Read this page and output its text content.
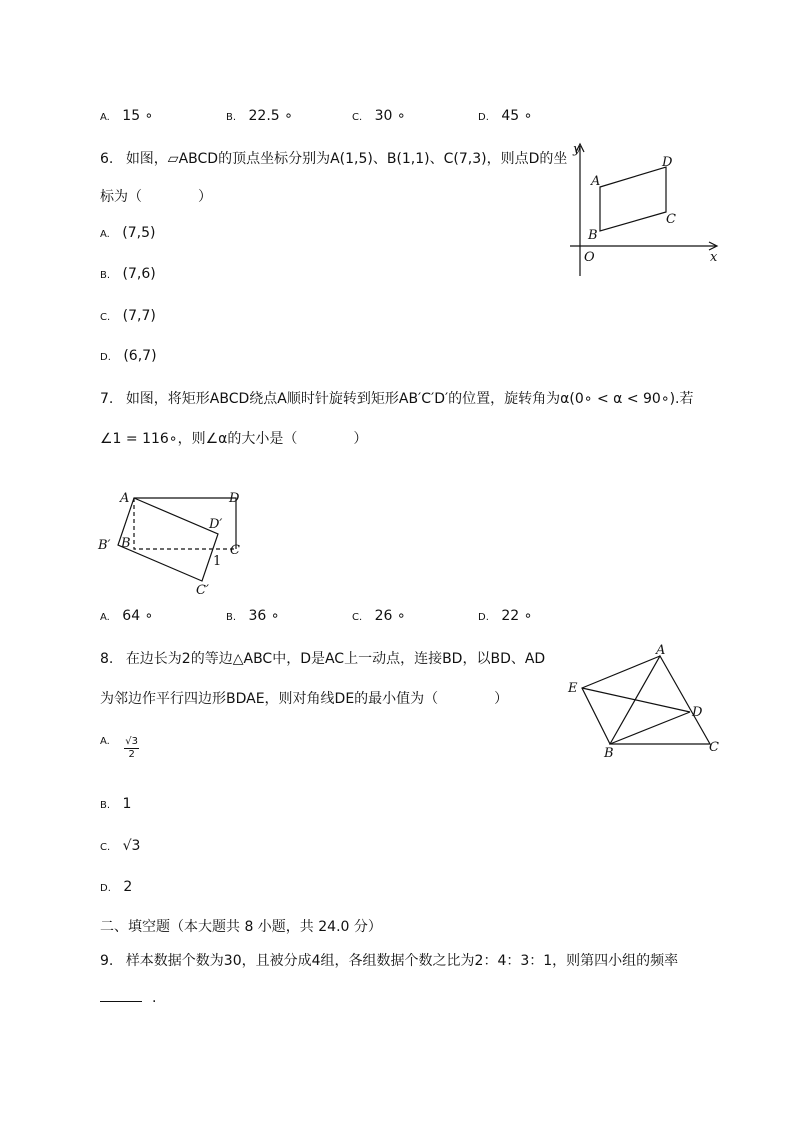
A. 15 ∘	B. 22.5 ∘	C. 30 ∘	D. 45 ∘
6. 如图，▱ABCD的顶点坐标分别为A(1,5)、B(1,1)、C(7,3)，则点D的坐
标为（　　　　）
A. (7,5)
B. (7,6)
C. (7,7)
D. (6,7)
y
x
O
A
B
C
D
7. 如图，将矩形ABCD绕点A顺时针旋转到矩形AB′C′D′的位置，旋转角为α(0∘ < α < 90∘).若
∠1 = 116∘，则∠α的大小是（　　　　）
A	D
D′
B′ B	C
1
C′
A. 64 ∘	B. 36 ∘	C. 26 ∘	D. 22 ∘
8. 在边长为2的等边△ABC中，D是AC上一动点，连接BD，以BD、AD
为邻边作平行四边形BDAE，则对角线DE的最小值为（　　　　）
A. $\frac{√3}{2}$
B. 1
C. √3
D. 2
A
E
D
B	C
二、填空题（本大题共 8 小题，共 24.0 分）
9. 样本数据个数为30，且被分成4组，各组数据个数之比为2：4：3：1，则第四小组的频率
.
